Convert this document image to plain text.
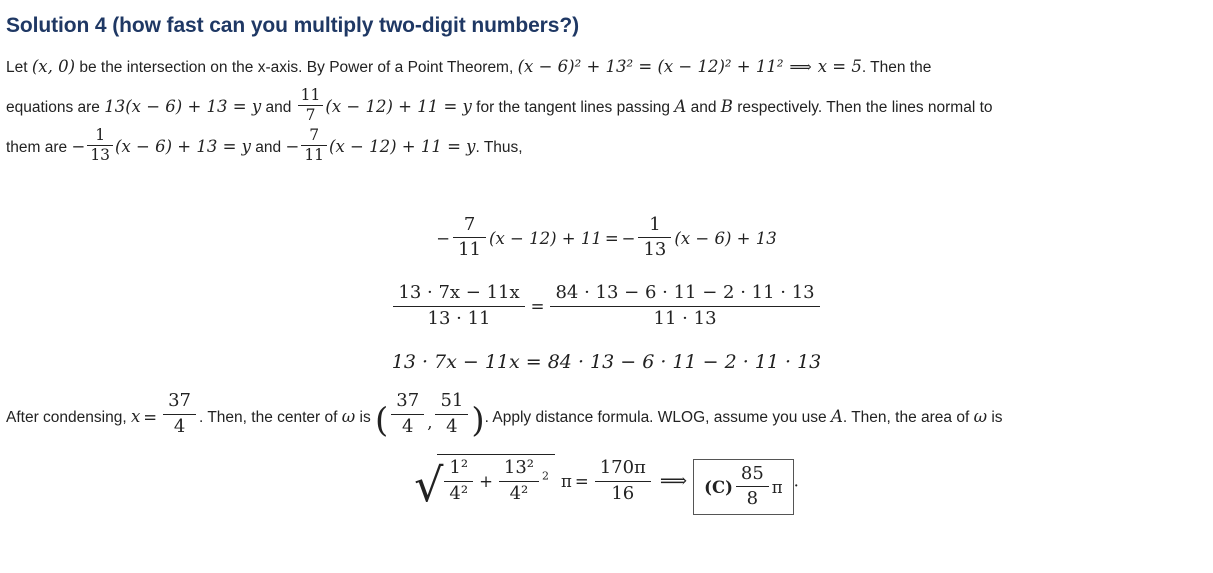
Solution 4 (how fast can you multiply two-digit numbers?)
Let (x, 0) be the intersection on the x-axis. By Power of a Point Theorem, (x − 6)² + 13² = (x − 12)² + 11² ⟹ x = 5. Then the
equations are 13(x − 6) + 13 = y and $\frac{11}{7} (x - 12) + 11 = y$ for the tangent lines passing A and B respectively. Then the lines normal to
them are − $\frac{1}{13} (x - 6) + 13 = y$ and − $\frac{7}{11} (x - 12) + 11 = y$. Thus,
− $\frac{7}{11} (x - 12) + 11$ = − $\frac{1}{13} (x - 6) + 13$
$\frac{13 \cdot 7x - 11x}{13 \cdot 11} = \frac{84 \cdot 13 - 6 \cdot 11 - 2 \cdot 11 \cdot 13}{11 \cdot 13}$
13 · 7x − 11x = 84 · 13 − 6 · 11 − 2 · 11 · 13
After condensing, $x = \frac{37}{4}$ . Then, the center of ω is ( $\frac{37}{4}$ , $\frac{51}{4}$ ). Apply distance formula. WLOG, assume you use A. Then, the area of ω is
√ $\frac{\text{1²}}{\text{4²}} + \frac{\text{13²}}{\text{4²}} ^2$ $\pi = \frac{170\pi}{16}$ ⟹ $(C) \frac{85}{8}$ π .
